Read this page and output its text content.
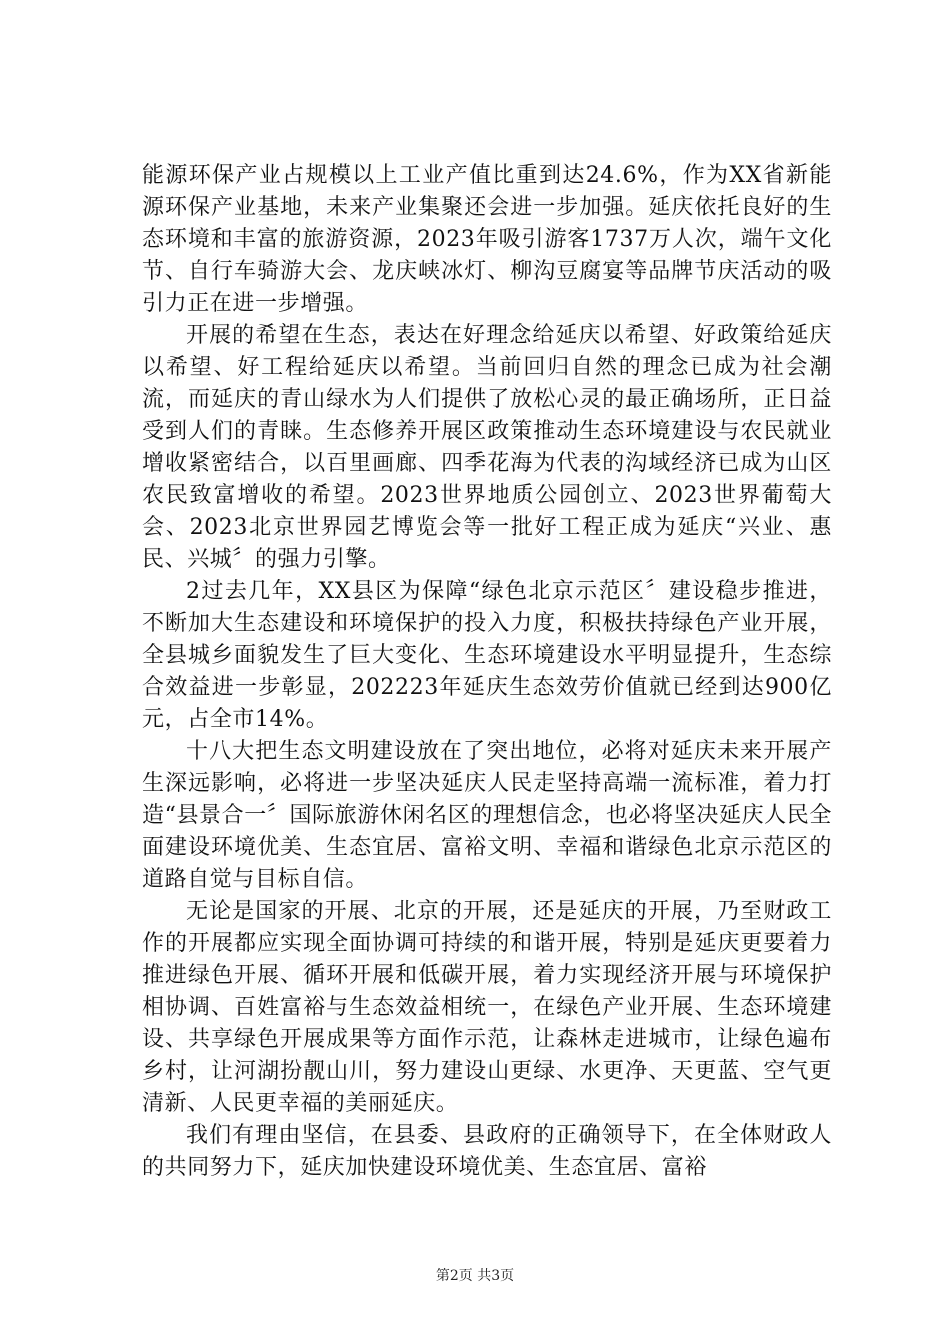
能源环保产业占规模以上工业产值比重到达24.6%，作为XX省新能源环保产业基地，未来产业集聚还会进一步加强。延庆依托良好的生态环境和丰富的旅游资源，2023年吸引游客1737万人次，端午文化节、自行车骑游大会、龙庆峡冰灯、柳沟豆腐宴等品牌节庆活动的吸引力正在进一步增强。

开展的希望在生态，表达在好理念给延庆以希望、好政策给延庆以希望、好工程给延庆以希望。当前回归自然的理念已成为社会潮流，而延庆的青山绿水为人们提供了放松心灵的最正确场所，正日益受到人们的青睐。生态修养开展区政策推动生态环境建设与农民就业增收紧密结合，以百里画廊、四季花海为代表的沟域经济已成为山区农民致富增收的希望。2023世界地质公园创立、2023世界葡萄大会、2023北京世界园艺博览会等一批好工程正成为延庆“兴业、惠民、兴城〞的强力引擎。

2过去几年，XX县区为保障“绿色北京示范区〞建设稳步推进，不断加大生态建设和环境保护的投入力度，积极扶持绿色产业开展，全县城乡面貌发生了巨大变化、生态环境建设水平明显提升，生态综合效益进一步彰显，202223年延庆生态效劳价值就已经到达900亿元，占全市14%。

十八大把生态文明建设放在了突出地位，必将对延庆未来开展产生深远影响，必将进一步坚决延庆人民走坚持高端一流标准，着力打造“县景合一〞国际旅游休闲名区的理想信念，也必将坚决延庆人民全面建设环境优美、生态宜居、富裕文明、幸福和谐绿色北京示范区的道路自觉与目标自信。

无论是国家的开展、北京的开展，还是延庆的开展，乃至财政工作的开展都应实现全面协调可持续的和谐开展，特别是延庆更要着力推进绿色开展、循环开展和低碳开展，着力实现经济开展与环境保护相协调、百姓富裕与生态效益相统一，在绿色产业开展、生态环境建设、共享绿色开展成果等方面作示范，让森林走进城市，让绿色遍布乡村，让河湖扮靓山川，努力建设山更绿、水更净、天更蓝、空气更清新、人民更幸福的美丽延庆。

我们有理由坚信，在县委、县政府的正确领导下，在全体财政人的共同努力下，延庆加快建设环境优美、生态宜居、富裕

第2页 共3页
